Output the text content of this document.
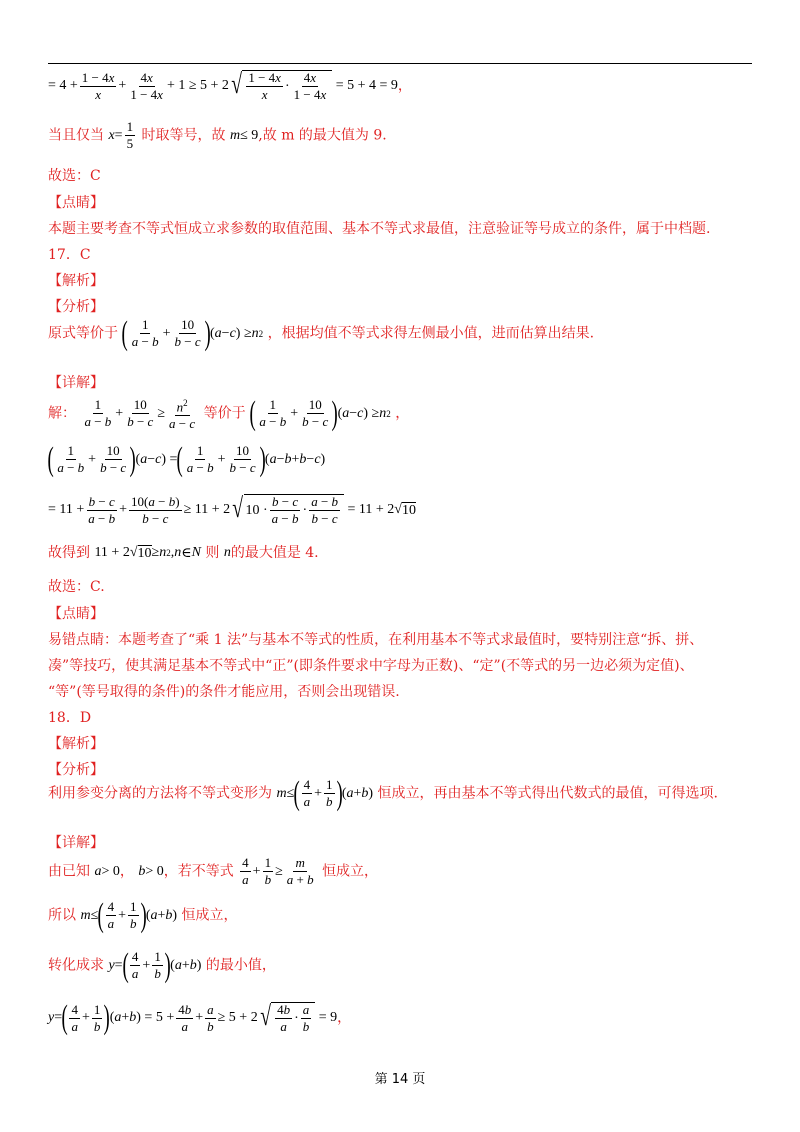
= 4 +
1 − 4x
x
+
4x
1 − 4x
+ 1 ≥ 5 + 2 √ 1 − 4x
x
·
4x
1 − 4x
= 5 + 4 = 9，
当且仅当 x =
1
5 时取等号，故 m ≤ 9,故 m 的最大值为 9.
故选：C
【点睛】
本题主要考查不等式恒成立求参数的取值范围、基本不等式求最值，注意验证等号成立的条件，属于中档题.
17．C
【解析】
【分析】
原式等价于 ( 1
a − b
+
10
b − c ) ( a − c ) ≥ n 2 ，根据均值不等式求得左侧最小值，进而估算出结果.
【详解】
解：
1
a − b
+
10
b − c
≥ $n^2$
a − c
等价于 ( 1
a − b
+
10
b − c ) ( a − c ) ≥ n 2 ，
( 1
a − b
+
10
b − c ) ( a − c ) = ( 1
a − b
+
10
b − c ) ( a − b + b − c )
= 11 +
b − c
a − b
+
10(a − b)
b − c
≥ 11 + 2 √ 10 ·
b − c
a − b
·
a − b
b − c
= 11 + 2√ 10
故得到 11 + 2√ 10 ≥ n 2 , n ∈ N 则 n 的最大值是 4.
故选：C.
【点睛】
易错点睛：本题考查了“乘 1 法”与基本不等式的性质，在利用基本不等式求最值时，要特别注意“拆、拼、
凑”等技巧，使其满足基本不等式中“正”(即条件要求中字母为正数)、“定”(不等式的另一边必须为定值)、
“等”(等号取得的条件)的条件才能应用，否则会出现错误.
18．D
【解析】
【分析】
利用参变分离的方法将不等式变形为 m ≤ ( 4
a
+
1
b ) ( a + b ) 恒成立，再由基本不等式得出代数式的最值，可得选项.
【详解】
由已知 a > 0， b > 0，若不等式
4
a
+
1
b
≥
m
a + b 恒成立，
所以 m ≤ ( 4
a
+
1
b ) ( a + b ) 恒成立，
转化成求 y = ( 4
a
+
1
b ) ( a + b ) 的最小值，
y = ( 4
a
+
1
b ) ( a + b ) = 5 +
4b
a
+
a
b
≥ 5 + 2 √ 4b
a
·
a
b
= 9，
第 14 页
